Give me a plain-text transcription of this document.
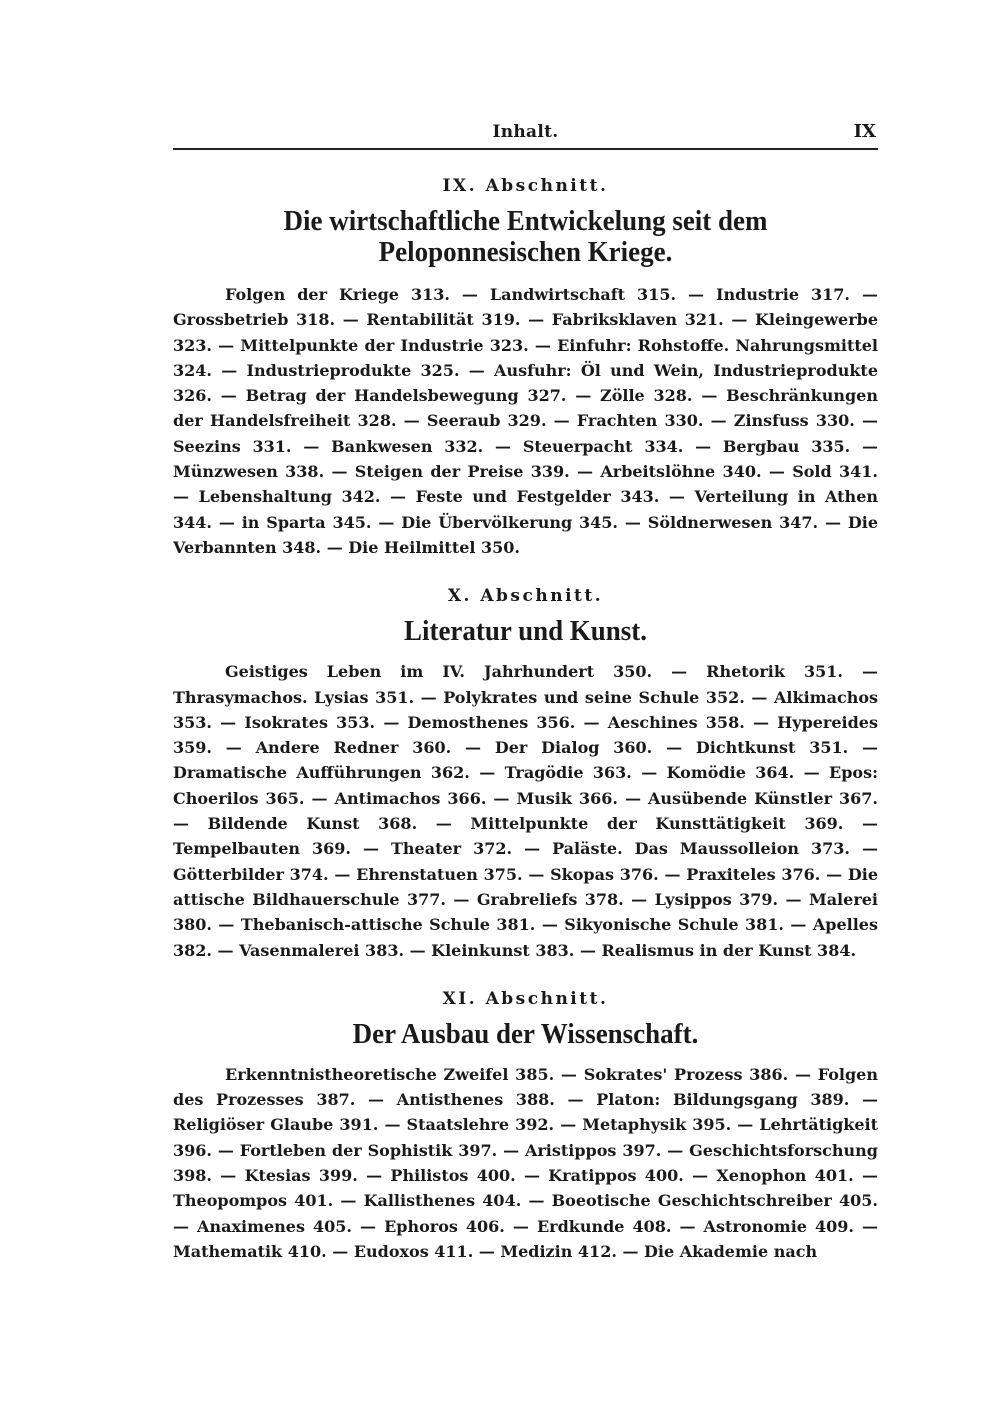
Inhalt.	IX

IX. Abschnitt.

Die wirtschaftliche Entwickelung seit dem Peloponnesischen Kriege.

Folgen der Kriege 313. — Landwirtschaft 315. — Industrie 317. — Grossbetrieb 318. — Rentabilität 319. — Fabriksklaven 321. — Kleingewerbe 323. — Mittelpunkte der Industrie 323. — Einfuhr: Rohstoffe. Nahrungsmittel 324. — Industrieprodukte 325. — Ausfuhr: Öl und Wein, Industrieprodukte 326. — Betrag der Handelsbewegung 327. — Zölle 328. — Beschränkungen der Handelsfreiheit 328. — Seeraub 329. — Frachten 330. — Zinsfuss 330. — Seezins 331. — Bankwesen 332. — Steuerpacht 334. — Bergbau 335. — Münzwesen 338. — Steigen der Preise 339. — Arbeitslöhne 340. — Sold 341. — Lebenshaltung 342. — Feste und Festgelder 343. — Verteilung in Athen 344. — in Sparta 345. — Die Übervölkerung 345. — Söldnerwesen 347. — Die Verbannten 348. — Die Heilmittel 350.

X. Abschnitt.

Literatur und Kunst.

Geistiges Leben im IV. Jahrhundert 350. — Rhetorik 351. — Thrasymachos. Lysias 351. — Polykrates und seine Schule 352. — Alkimachos 353. — Isokrates 353. — Demosthenes 356. — Aeschines 358. — Hypereides 359. — Andere Redner 360. — Der Dialog 360. — Dichtkunst 351. — Dramatische Aufführungen 362. — Tragödie 363. — Komödie 364. — Epos: Choerilos 365. — Antimachos 366. — Musik 366. — Ausübende Künstler 367. — Bildende Kunst 368. — Mittelpunkte der Kunsttätigkeit 369. — Tempelbauten 369. — Theater 372. — Paläste. Das Maussolleion 373. — Götterbilder 374. — Ehrenstatuen 375. — Skopas 376. — Praxiteles 376. — Die attische Bildhauerschule 377. — Grabreliefs 378. — Lysippos 379. — Malerei 380. — Thebanisch-attische Schule 381. — Sikyonische Schule 381. — Apelles 382. — Vasenmalerei 383. — Kleinkunst 383. — Realismus in der Kunst 384.

XI. Abschnitt.

Der Ausbau der Wissenschaft.

Erkenntnistheoretische Zweifel 385. — Sokrates' Prozess 386. — Folgen des Prozesses 387. — Antisthenes 388. — Platon: Bildungsgang 389. — Religiöser Glaube 391. — Staatslehre 392. — Metaphysik 395. — Lehrtätigkeit 396. — Fortleben der Sophistik 397. — Aristippos 397. — Geschichtsforschung 398. — Ktesias 399. — Philistos 400. — Kratippos 400. — Xenophon 401. — Theopompos 401. — Kallisthenes 404. — Boeotische Geschichtschreiber 405. — Anaximenes 405. — Ephoros 406. — Erdkunde 408. — Astronomie 409. — Mathematik 410. — Eudoxos 411. — Medizin 412. — Die Akademie nach
